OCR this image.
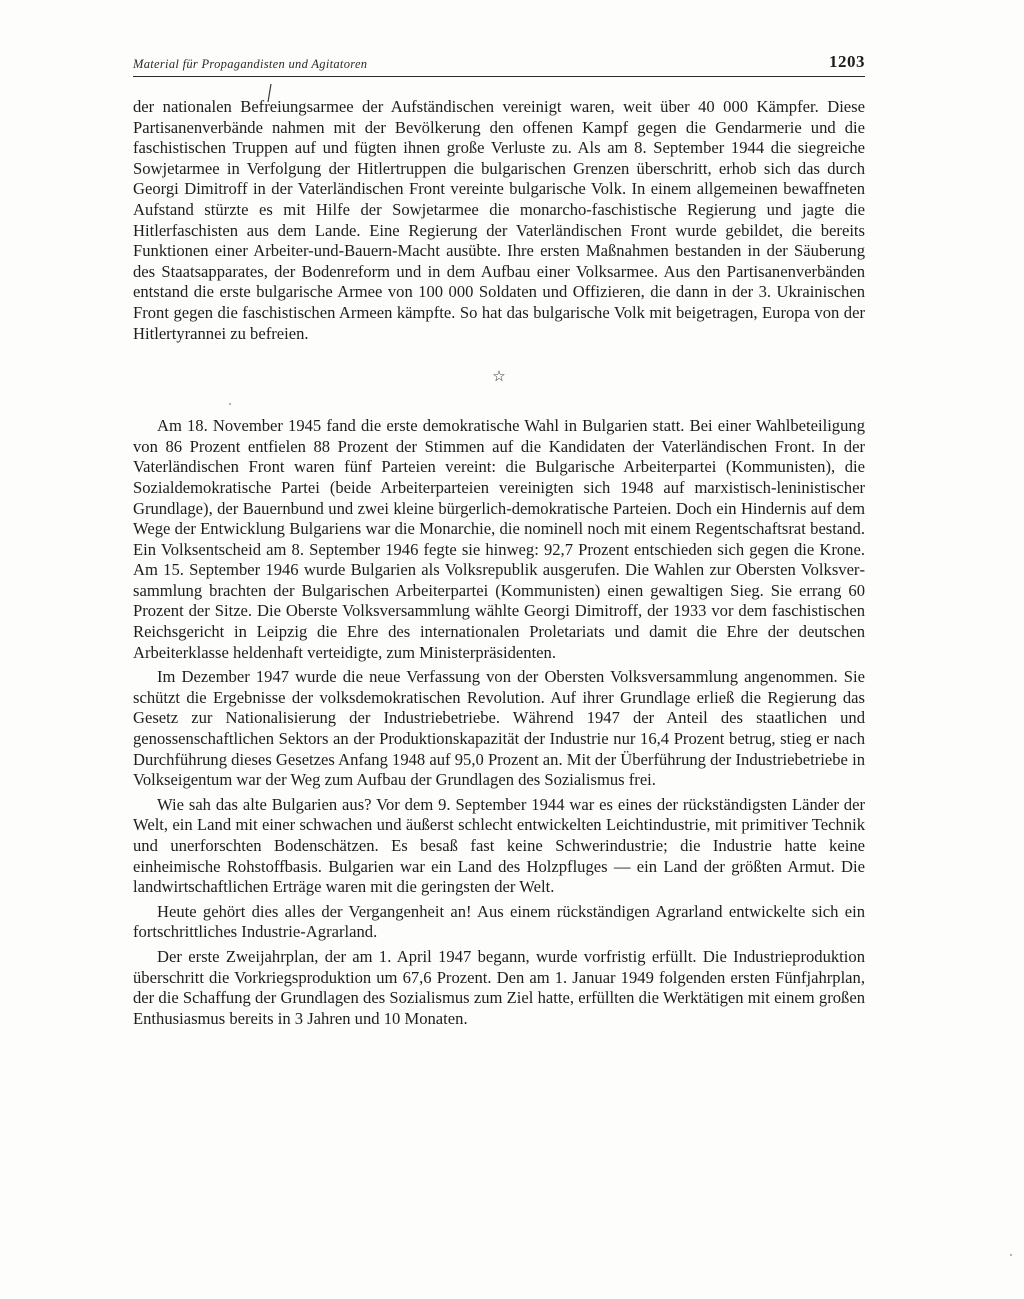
Material für Propagandisten und Agitatoren	1203

der nationalen Befreiungsarmee der Aufständischen vereinigt waren, weit über 40 000 Kämpfer. Diese Partisanenverbände nahmen mit der Bevölkerung den offenen Kampf gegen die Gendarmerie und die faschistischen Truppen auf und fügten ihnen große Verluste zu. Als am 8. September 1944 die siegreiche Sowjetarmee in Verfolgung der Hitlertruppen die bulgarischen Grenzen überschritt, erhob sich das durch Georgi Dimitroff in der Vaterländischen Front vereinte bulgarische Volk. In einem allgemeinen bewaffneten Aufstand stürzte es mit Hilfe der Sowjetarmee die monarcho-faschistische Regierung und jagte die Hitlerfaschisten aus dem Lande. Eine Regierung der Vaterländischen Front wurde gebildet, die bereits Funktionen einer Arbeiter-und-Bauern-Macht ausübte. Ihre ersten Maßnahmen bestanden in der Säuberung des Staatsapparates, der Bodenreform und in dem Aufbau einer Volksarmee. Aus den Partisanenverbänden entstand die erste bulgarische Armee von 100 000 Soldaten und Offizieren, die dann in der 3. Ukrainischen Front gegen die faschistischen Armeen kämpfte. So hat das bulgarische Volk mit beigetragen, Europa von der Hitlertyrannei zu befreien.

☆

Am 18. November 1945 fand die erste demokratische Wahl in Bulgarien statt. Bei einer Wahlbeteiligung von 86 Prozent entfielen 88 Prozent der Stimmen auf die Kandidaten der Vaterländischen Front. In der Vaterländischen Front waren fünf Parteien vereint: die Bulgarische Arbeiterpartei (Kommunisten), die Sozialdemokratische Partei (beide Arbeiterparteien vereinigten sich 1948 auf marxistisch-leninistischer Grundlage), der Bauernbund und zwei kleine bürgerlich-demokratische Parteien. Doch ein Hindernis auf dem Wege der Entwicklung Bulgariens war die Monarchie, die nominell noch mit einem Regentschaftsrat bestand. Ein Volksentscheid am 8. September 1946 fegte sie hinweg: 92,7 Prozent entschieden sich gegen die Krone. Am 15. September 1946 wurde Bulgarien als Volksrepublik ausgerufen. Die Wahlen zur Obersten Volksversammlung brachten der Bulgarischen Arbeiterpartei (Kommunisten) einen gewaltigen Sieg. Sie errang 60 Prozent der Sitze. Die Oberste Volksversammlung wählte Georgi Dimitroff, der 1933 vor dem faschistischen Reichsgericht in Leipzig die Ehre des internationalen Proletariats und damit die Ehre der deutschen Arbeiterklasse heldenhaft verteidigte, zum Ministerpräsidenten.

Im Dezember 1947 wurde die neue Verfassung von der Obersten Volksversammlung angenommen. Sie schützt die Ergebnisse der volksdemokratischen Revolution. Auf ihrer Grundlage erließ die Regierung das Gesetz zur Nationalisierung der Industriebetriebe. Während 1947 der Anteil des staatlichen und genossenschaftlichen Sektors an der Produktionskapazität der Industrie nur 16,4 Prozent betrug, stieg er nach Durchführung dieses Gesetzes Anfang 1948 auf 95,0 Prozent an. Mit der Überführung der Industriebetriebe in Volkseigentum war der Weg zum Aufbau der Grundlagen des Sozialismus frei.

Wie sah das alte Bulgarien aus? Vor dem 9. September 1944 war es eines der rückständigsten Länder der Welt, ein Land mit einer schwachen und äußerst schlecht entwickelten Leichtindustrie, mit primitiver Technik und unerforschten Bodenschätzen. Es besaß fast keine Schwerindustrie; die Industrie hatte keine einheimische Rohstoffbasis. Bulgarien war ein Land des Holzpfluges — ein Land der größten Armut. Die landwirtschaftlichen Erträge waren mit die geringsten der Welt.

Heute gehört dies alles der Vergangenheit an! Aus einem rückständigen Agrarland entwickelte sich ein fortschrittliches Industrie-Agrarland.

Der erste Zweijahrplan, der am 1. April 1947 begann, wurde vorfristig erfüllt. Die Industrieproduktion überschritt die Vorkriegsproduktion um 67,6 Prozent. Den am 1. Januar 1949 folgenden ersten Fünfjahrplan, der die Schaffung der Grundlagen des Sozialismus zum Ziel hatte, erfüllten die Werktätigen mit einem großen Enthusiasmus bereits in 3 Jahren und 10 Monaten.
